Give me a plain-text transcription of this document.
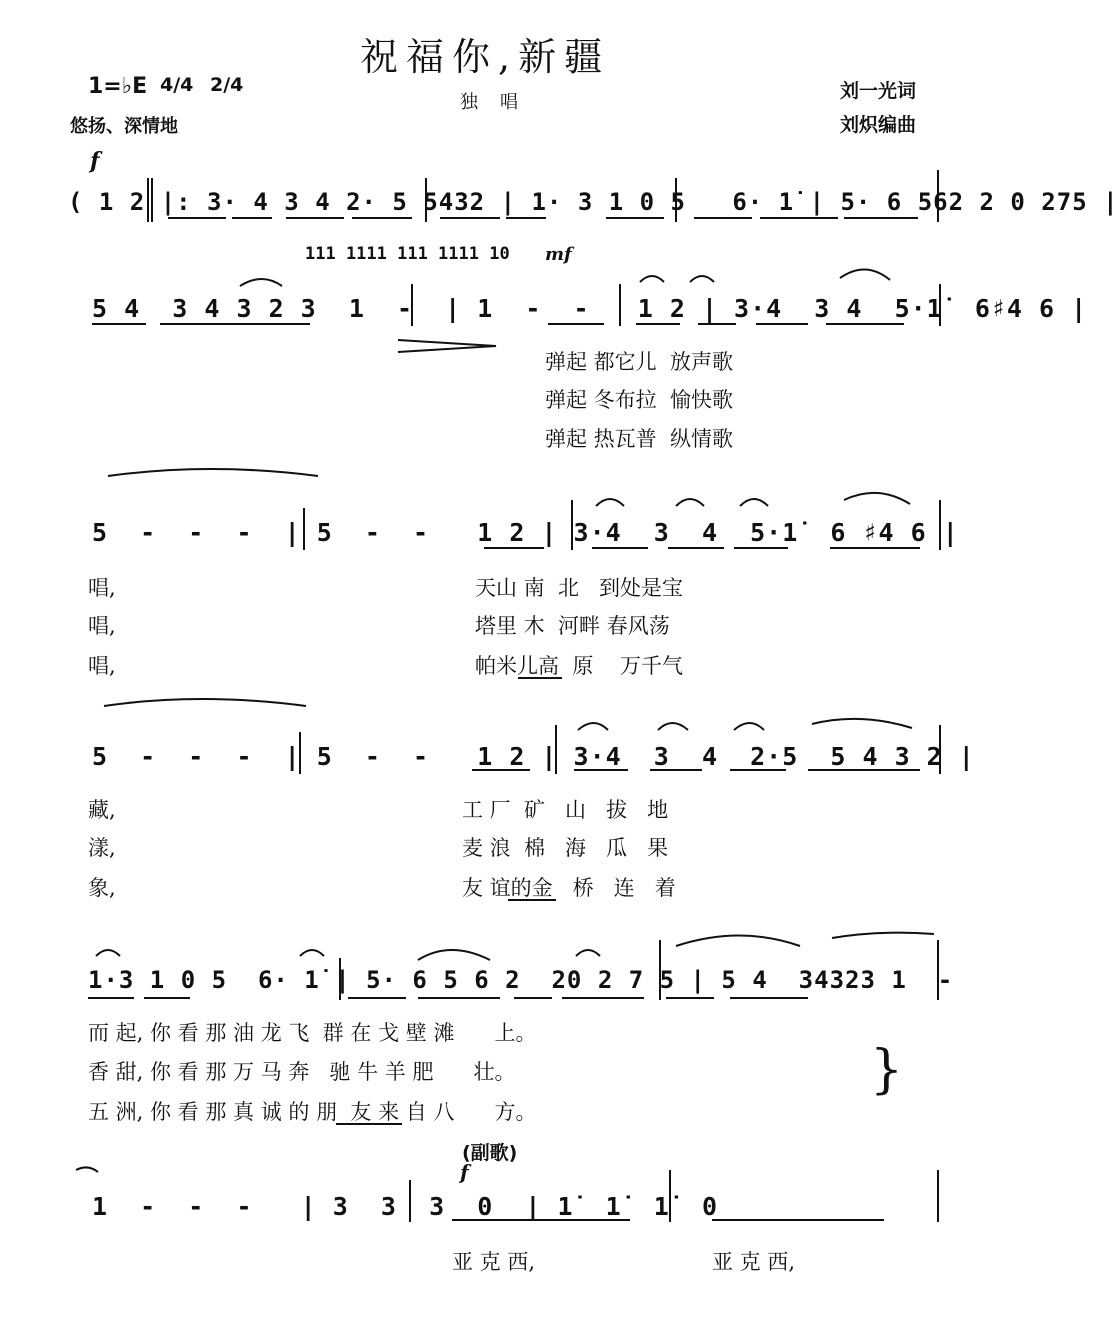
祝福你,新疆
独唱
1=♭E 4/4 2/4
悠扬、深情地
刘一光词
刘炽编曲
f
( 1 2 |: 3· 4 3 4 2· 5 5432 | 1· 3 1 0 5   6· 1̇ | 5· 6 562 2 0 275 |
111 1111 111 1111 10 mf
5 4  3 4 3 2 3  1  -  | 1  -  -   1 2 | 3·4  3 4  5·1̇  6♯4 6 |
弹起 都它儿  放声歌
弹起 冬布拉  愉快歌
弹起 热瓦普  纵情歌
5  -  -  -  | 5  -  -   1 2 | 3·4  3  4  5·1̇  6 ♯4 6 |
唱,
唱,
唱,
天山 南  北   到处是宝
塔里 木  河畔 春风荡
帕米儿高  原    万千气
5  -  -  -  | 5  -  -   1 2 | 3·4  3  4  2·5  5 4 3 2 |
藏,
漾,
象,
工 厂  矿   山   拔   地
麦 浪  棉   海   瓜   果
友 谊的金   桥   连   着
1·3 1 0 5  6· 1̇ | 5· 6 5 6 2  20 2 7 5 | 5 4  34323 1  -
而 起, 你 看 那 油 龙 飞  群 在 戈 壁 滩      上。
香 甜, 你 看 那 万 马 奔   驰 牛 羊 肥      壮。
五 洲, 你 看 那 真 诚 的 朋  友 来 自 八      方。
}
(副歌)
f
1  -  -  -   | 3  3  3  0  | 1̇  1̇  1̇  0
亚 克 西,	亚 克 西,
